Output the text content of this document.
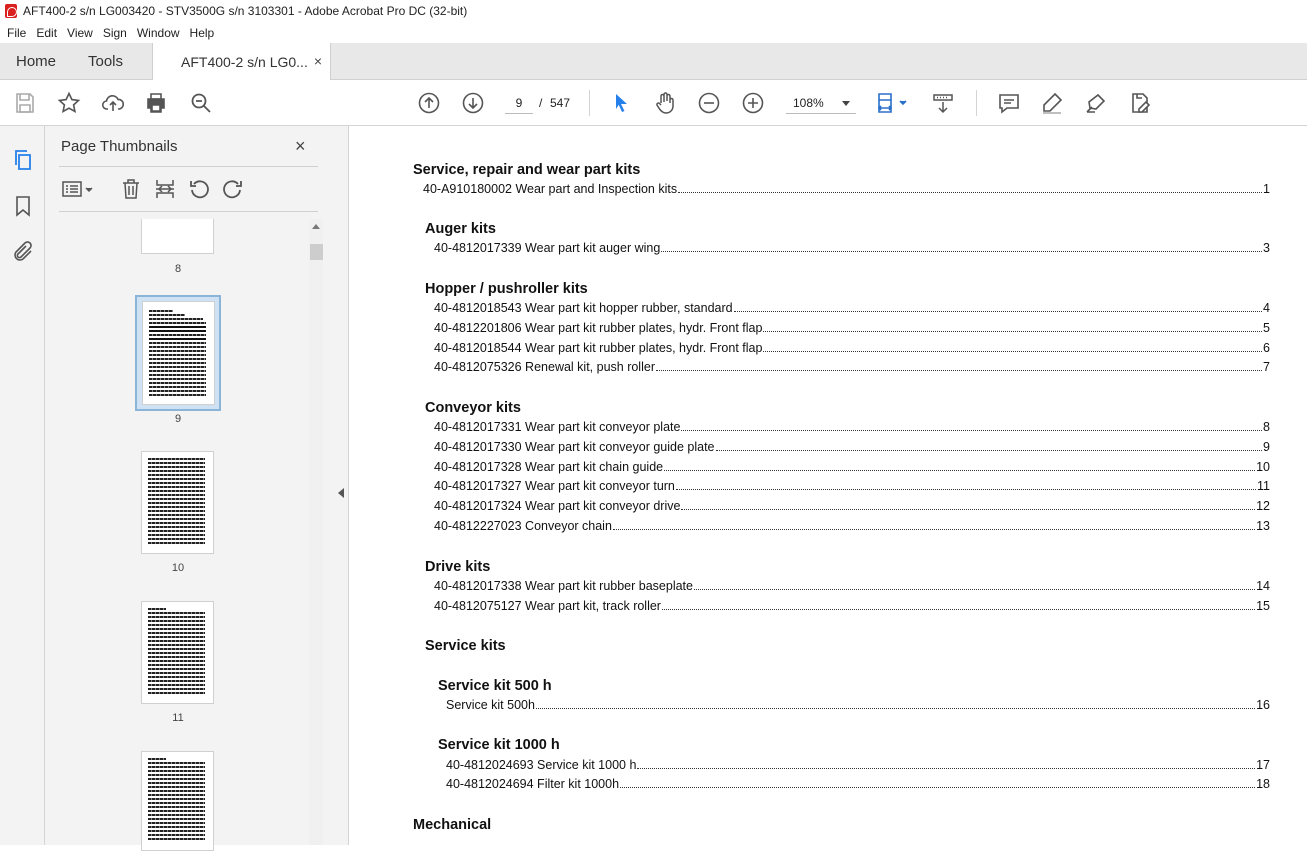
AFT400-2 s/n LG003420 - STV3500G s/n 3103301 - Adobe Acrobat Pro DC (32-bit)
File Edit View Sign Window Help
Home Tools	AFT400-2 s/n LG0... ×
9	/ 547	108%
Page Thumbnails	×
8
9
10
11
Service, repair and wear part kits
40-A910180002 Wear part and Inspection kits	1
Auger kits
40-4812017339 Wear part kit auger wing	3
Hopper / pushroller kits
40-4812018543 Wear part kit hopper rubber, standard	4
40-4812201806 Wear part kit rubber plates, hydr. Front flap	5
40-4812018544 Wear part kit rubber plates, hydr. Front flap	6
40-4812075326 Renewal kit, push roller	7
Conveyor kits
40-4812017331 Wear part kit conveyor plate	8
40-4812017330 Wear part kit conveyor guide plate	9
40-4812017328 Wear part kit chain guide	10
40-4812017327 Wear part kit conveyor turn	11
40-4812017324 Wear part kit conveyor drive	12
40-4812227023 Conveyor chain	13
Drive kits
40-4812017338 Wear part kit rubber baseplate	14
40-4812075127 Wear part kit, track roller	15
Service kits
Service kit 500 h
Service kit 500h	16
Service kit 1000 h
40-4812024693 Service kit 1000 h	17
40-4812024694 Filter kit 1000h	18
Mechanical
